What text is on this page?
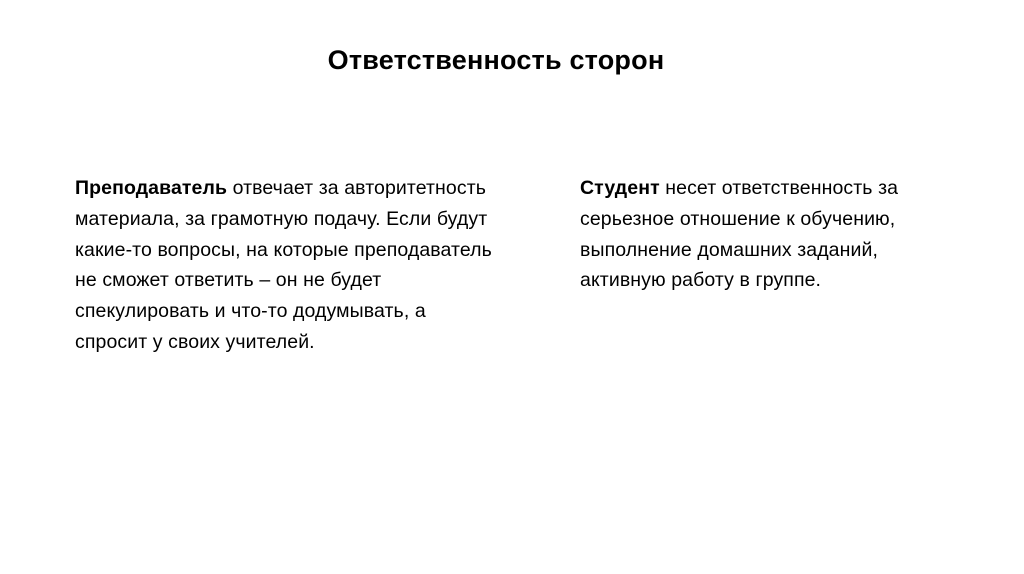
Ответственность сторон
Преподаватель отвечает за авторитетность материала, за грамотную подачу. Если будут какие-то вопросы, на которые преподаватель не сможет ответить – он не будет спекулировать и что-то додумывать, а спросит у своих учителей.
Студент несет ответственность за серьезное отношение к обучению, выполнение домашних заданий, активную работу в группе.
